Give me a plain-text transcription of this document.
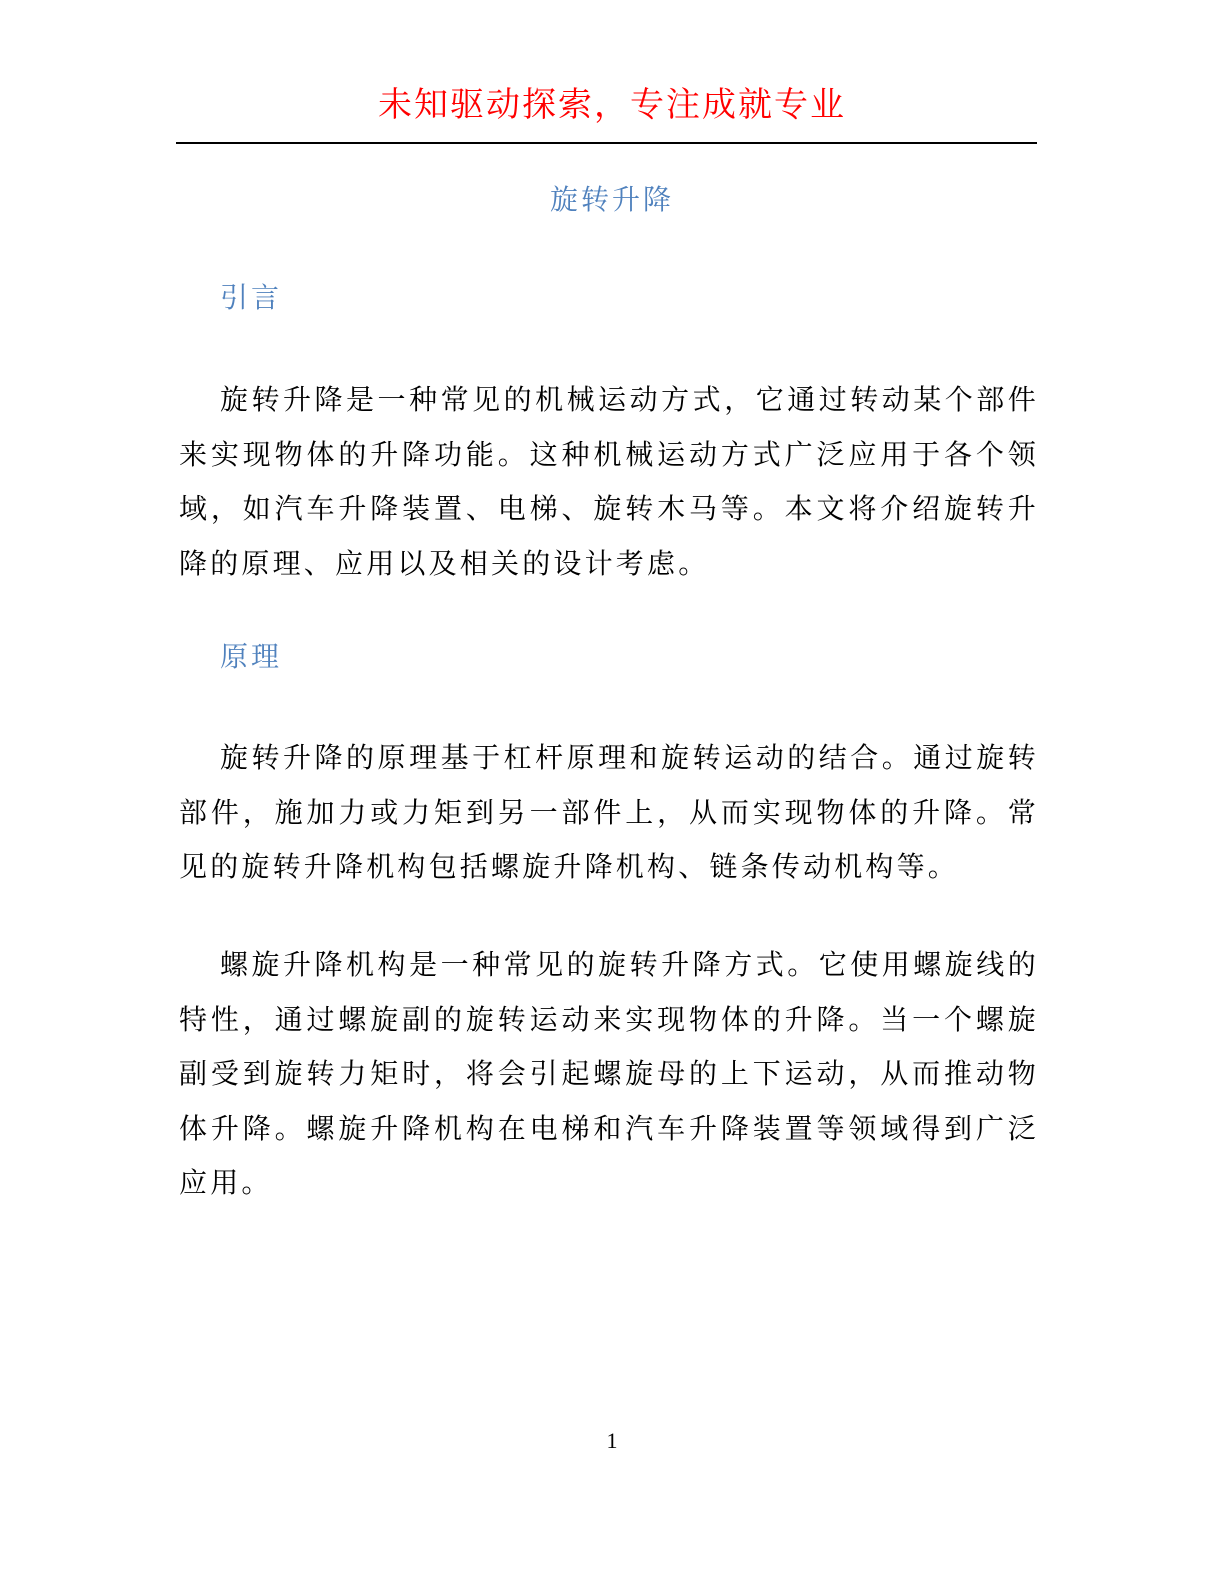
未知驱动探索，专注成就专业
旋转升降
引言

旋转升降是一种常见的机械运动方式，它通过转动某个部件来实现物体的升降功能。这种机械运动方式广泛应用于各个领域，如汽车升降装置、电梯、旋转木马等。本文将介绍旋转升降的原理、应用以及相关的设计考虑。

原理

旋转升降的原理基于杠杆原理和旋转运动的结合。通过旋转部件，施加力或力矩到另一部件上，从而实现物体的升降。常见的旋转升降机构包括螺旋升降机构、链条传动机构等。

螺旋升降机构是一种常见的旋转升降方式。它使用螺旋线的特性，通过螺旋副的旋转运动来实现物体的升降。当一个螺旋副受到旋转力矩时，将会引起螺旋母的上下运动，从而推动物体升降。螺旋升降机构在电梯和汽车升降装置等领域得到广泛应用。

1
